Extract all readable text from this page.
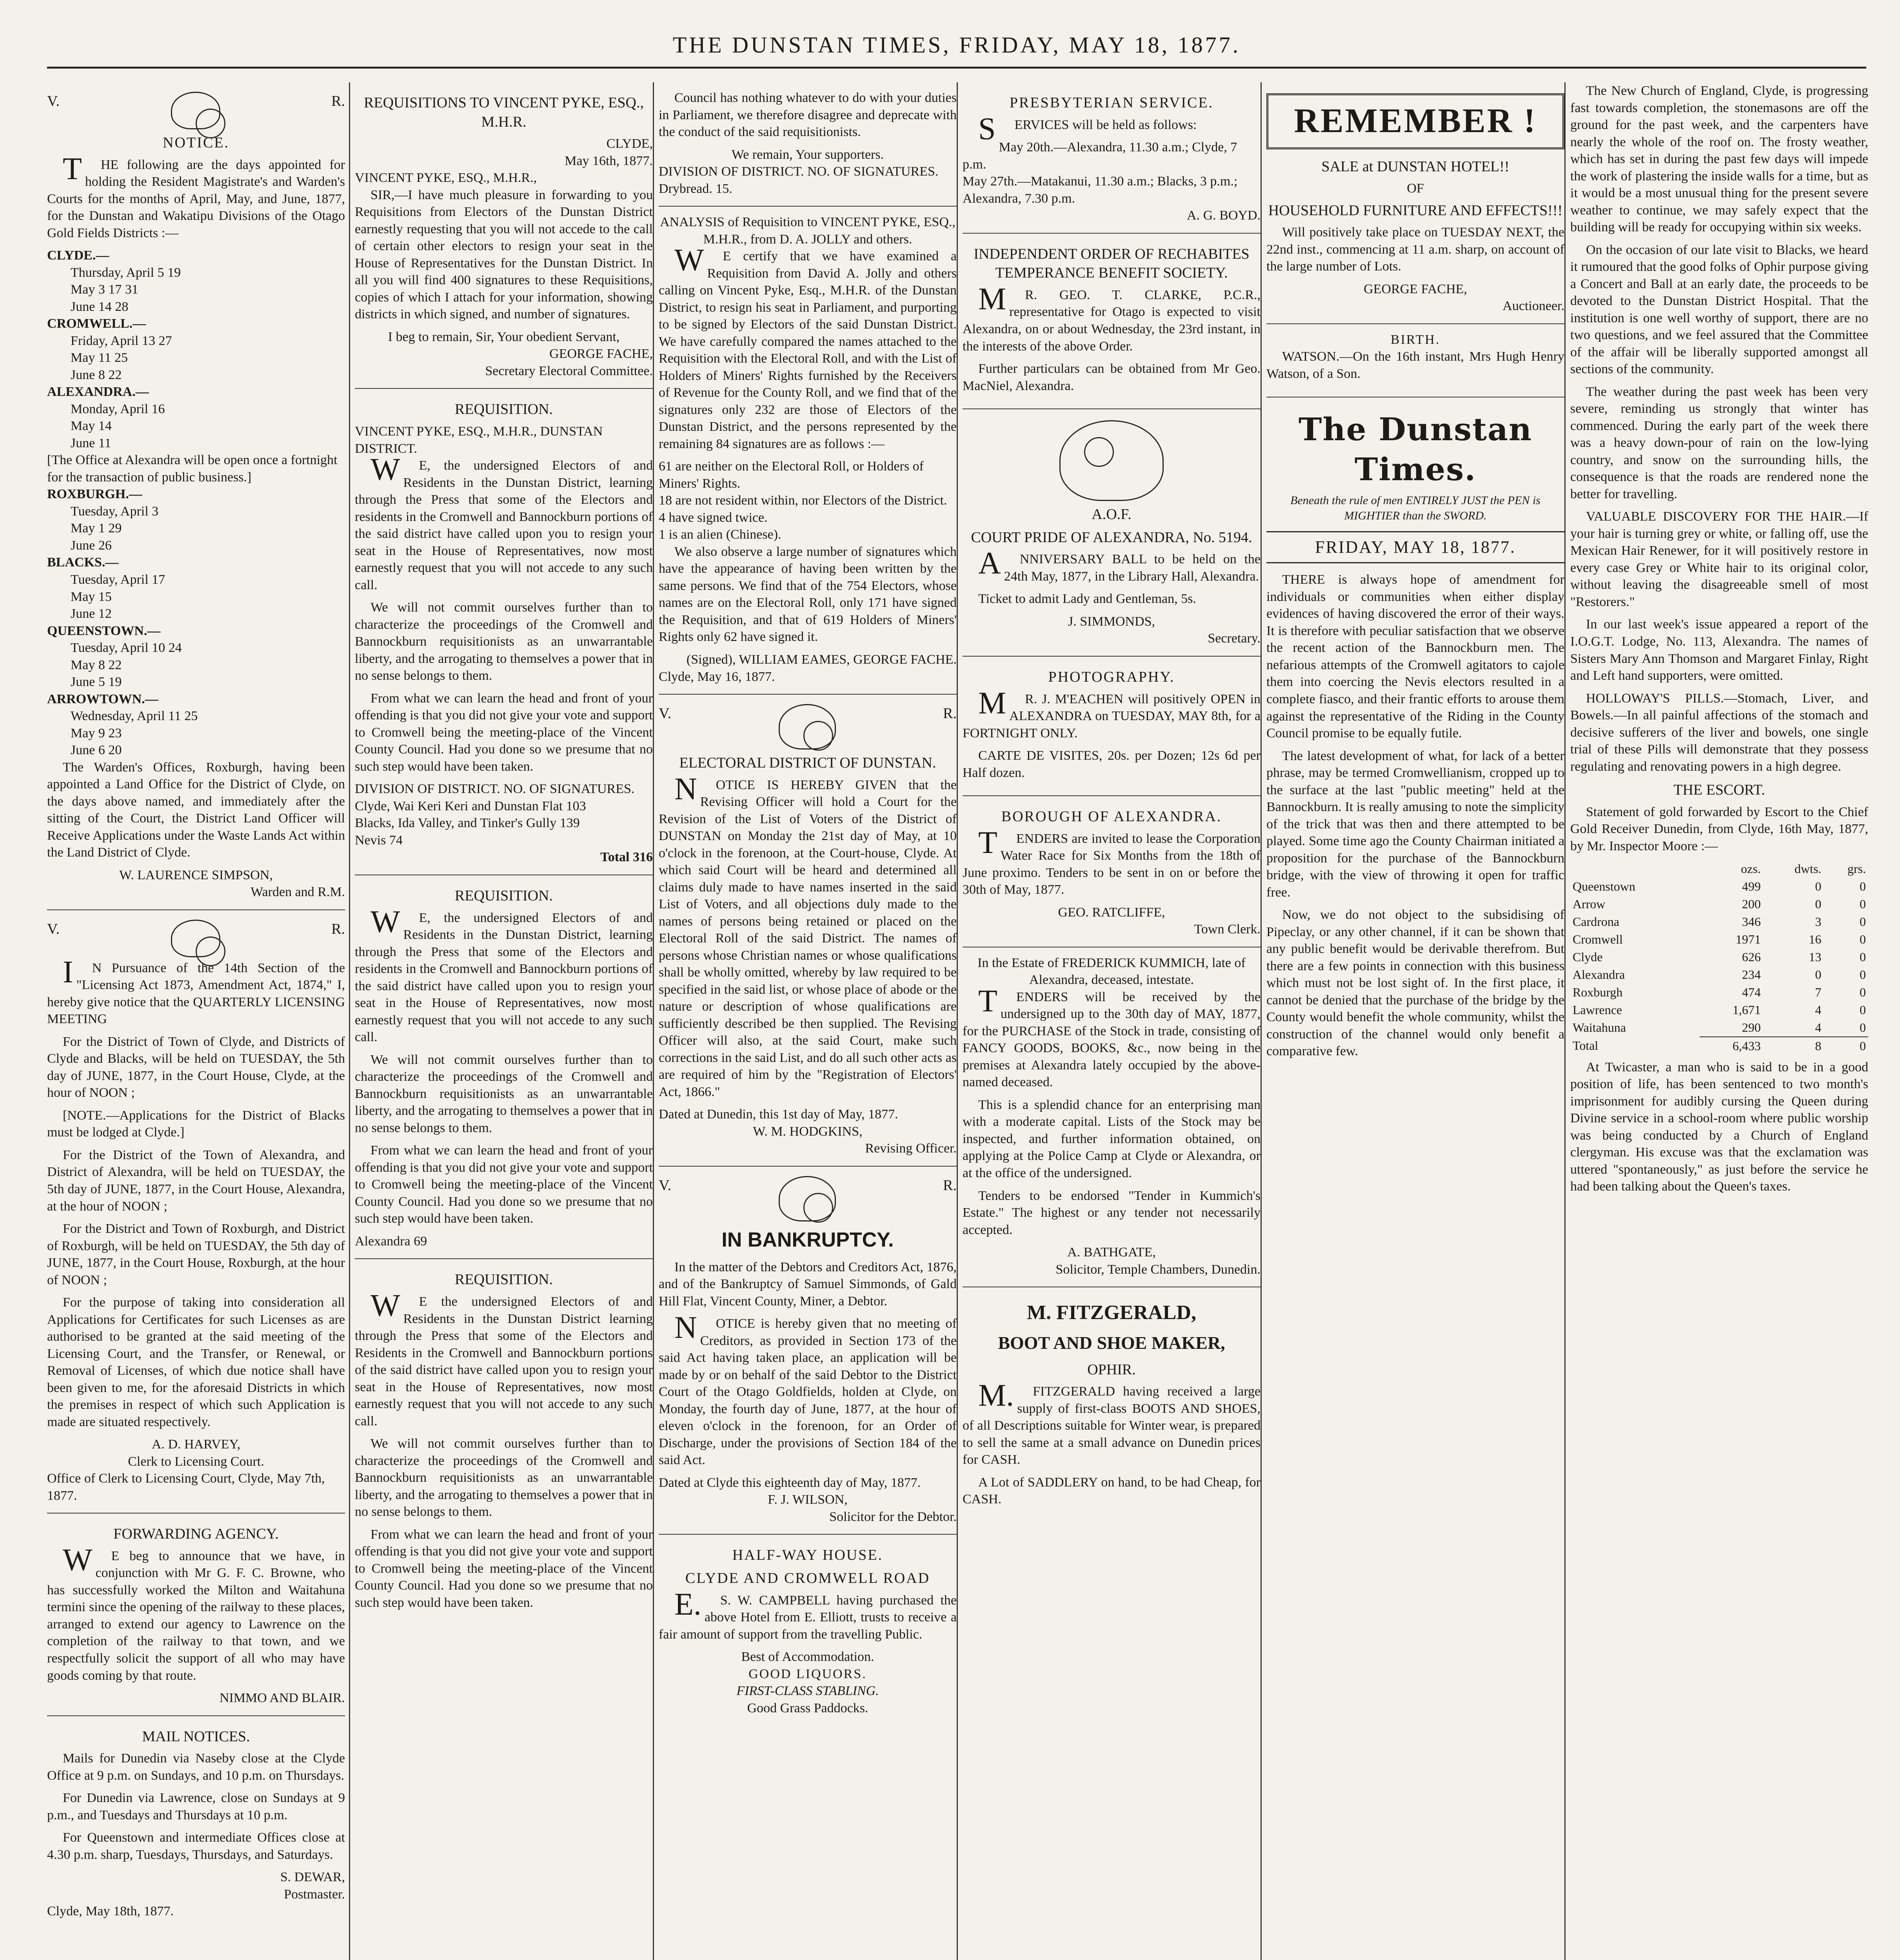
THE DUNSTAN TIMES, FRIDAY, MAY 18, 1877.
V.	R.
NOTICE.

THE following are the days appointed for holding the Resident Magistrate's and Warden's Courts for the months of April, May, and June, 1877, for the Dunstan and Wakatipu Divisions of the Otago Gold Fields Districts :—

CLYDE.—
Thursday, April 5 19
May 3 17 31
June 14 28
CROMWELL.—
Friday, April 13 27
May 11 25
June 8 22
ALEXANDRA.—
Monday, April 16
May 14
June 11
[The Office at Alexandra will be open once a fortnight for the transaction of public business.]
ROXBURGH.—
Tuesday, April 3
May 1 29
June 26
BLACKS.—
Tuesday, April 17
May 15
June 12
QUEENSTOWN.—
Tuesday, April 10 24
May 8 22
June 5 19
ARROWTOWN.—
Wednesday, April 11 25
May 9 23
June 6 20

The Warden's Offices, Roxburgh, having been appointed a Land Office for the District of Clyde, on the days above named, and immediately after the sitting of the Court, the District Land Officer will Receive Applications under the Waste Lands Act within the Land District of Clyde.

W. LAURENCE SIMPSON,
Warden and R.M.
V.	R.

IN Pursuance of the 14th Section of the "Licensing Act 1873, Amendment Act, 1874," I, hereby give notice that the QUARTERLY LICENSING MEETING

For the District of Town of Clyde, and Districts of Clyde and Blacks, will be held on TUESDAY, the 5th day of JUNE, 1877, in the Court House, Clyde, at the hour of NOON ;

[NOTE.—Applications for the District of Blacks must be lodged at Clyde.]

For the District of the Town of Alexandra, and District of Alexandra, will be held on TUESDAY, the 5th day of JUNE, 1877, in the Court House, Alexandra, at the hour of NOON ;

For the District and Town of Roxburgh, and District of Roxburgh, will be held on TUESDAY, the 5th day of JUNE, 1877, in the Court House, Roxburgh, at the hour of NOON ;

For the purpose of taking into consideration all Applications for Certificates for such Licenses as are authorised to be granted at the said meeting of the Licensing Court, and the Transfer, or Renewal, or Removal of Licenses, of which due notice shall have been given to me, for the aforesaid Districts in which the premises in respect of which such Application is made are situated respectively.

A. D. HARVEY,
Clerk to Licensing Court.
Office of Clerk to Licensing Court, Clyde, May 7th, 1877.
FORWARDING AGENCY.

WE beg to announce that we have, in conjunction with Mr G. F. C. Browne, who has successfully worked the Milton and Waitahuna termini since the opening of the railway to these places, arranged to extend our agency to Lawrence on the completion of the railway to that town, and we respectfully solicit the support of all who may have goods coming by that route.

NIMMO AND BLAIR.
MAIL NOTICES.

Mails for Dunedin via Naseby close at the Clyde Office at 9 p.m. on Sundays, and 10 p.m. on Thursdays.

For Dunedin via Lawrence, close on Sundays at 9 p.m., and Tuesdays and Thursdays at 10 p.m.

For Queenstown and intermediate Offices close at 4.30 p.m. sharp, Tuesdays, Thursdays, and Saturdays.

S. DEWAR,
Postmaster.
Clyde, May 18th, 1877.
REQUISITIONS TO VINCENT PYKE, ESQ., M.H.R.
CLYDE,
May 16th, 1877.
VINCENT PYKE, ESQ., M.H.R.,

SIR,—I have much pleasure in forwarding to you Requisitions from Electors of the Dunstan District earnestly requesting that you will not accede to the call of certain other electors to resign your seat in the House of Representatives for the Dunstan District. In all you will find 400 signatures to these Requisitions, copies of which I attach for your information, showing districts in which signed, and number of signatures.

I beg to remain, Sir, Your obedient Servant,
GEORGE FACHE,
Secretary Electoral Committee.
REQUISITION.
VINCENT PYKE, ESQ., M.H.R., DUNSTAN DISTRICT.

WE, the undersigned Electors of and Residents in the Dunstan District, learning through the Press that some of the Electors and residents in the Cromwell and Bannockburn portions of the said district have called upon you to resign your seat in the House of Representatives, now most earnestly request that you will not accede to any such call.

We will not commit ourselves further than to characterize the proceedings of the Cromwell and Bannockburn requisitionists as an unwarrantable liberty, and the arrogating to themselves a power that in no sense belongs to them.

From what we can learn the head and front of your offending is that you did not give your vote and support to Cromwell being the meeting-place of the Vincent County Council. Had you done so we presume that no such step would have been taken.

DIVISION OF DISTRICT. NO. OF SIGNATURES.
Clyde, Wai Keri Keri and Dunstan Flat 103
Blacks, Ida Valley, and Tinker's Gully 139
Nevis 74
Total 316
REQUISITION.

WE, the undersigned Electors of and Residents in the Dunstan District, learning through the Press that some of the Electors and residents in the Cromwell and Bannockburn portions of the said district have called upon you to resign your seat in the House of Representatives, now most earnestly request that you will not accede to any such call.

We will not commit ourselves further than to characterize the proceedings of the Cromwell and Bannockburn requisitionists as an unwarrantable liberty, and the arrogating to themselves a power that in no sense belongs to them.

From what we can learn the head and front of your offending is that you did not give your vote and support to Cromwell being the meeting-place of the Vincent County Council. Had you done so we presume that no such step would have been taken.

Alexandra 69
REQUISITION.

WE the undersigned Electors of and Residents in the Dunstan District learning through the Press that some of the Electors and Residents in the Cromwell and Bannockburn portions of the said district have called upon you to resign your seat in the House of Representatives, now most earnestly request that you will not accede to any such call.

We will not commit ourselves further than to characterize the proceedings of the Cromwell and Bannockburn requisitionists as an unwarrantable liberty, and the arrogating to themselves a power that in no sense belongs to them.

From what we can learn the head and front of your offending is that you did not give your vote and support to Cromwell being the meeting-place of the Vincent County Council. Had you done so we presume that no such step would have been taken.

Council has nothing whatever to do with your duties in Parliament, we therefore disagree and deprecate with the conduct of the said requisitionists.

We remain, Your supporters.
DIVISION OF DISTRICT. NO. OF SIGNATURES.
Drybread. 15.
ANALYSIS of Requisition to VINCENT PYKE, ESQ., M.H.R., from D. A. JOLLY and others.

WE certify that we have examined a Requisition from David A. Jolly and others calling on Vincent Pyke, Esq., M.H.R. of the Dunstan District, to resign his seat in Parliament, and purporting to be signed by Electors of the said Dunstan District. We have carefully compared the names attached to the Requisition with the Electoral Roll, and with the List of Holders of Miners' Rights furnished by the Receivers of Revenue for the County Roll, and we find that of the signatures only 232 are those of Electors of the Dunstan District, and the persons represented by the remaining 84 signatures are as follows :—

61 are neither on the Electoral Roll, or Holders of Miners' Rights.
18 are not resident within, nor Electors of the District.
4 have signed twice.
1 is an alien (Chinese).

We also observe a large number of signatures which have the appearance of having been written by the same persons. We find that of the 754 Electors, whose names are on the Electoral Roll, only 171 have signed the Requisition, and that of 619 Holders of Miners' Rights only 62 have signed it.

(Signed), WILLIAM EAMES, GEORGE FACHE.
Clyde, May 16, 1877.
V.	R.
ELECTORAL DISTRICT OF DUNSTAN.

NOTICE IS HEREBY GIVEN that the Revising Officer will hold a Court for the Revision of the List of Voters of the District of DUNSTAN on Monday the 21st day of May, at 10 o'clock in the forenoon, at the Court-house, Clyde. At which said Court will be heard and determined all claims duly made to have names inserted in the said List of Voters, and all objections duly made to the names of persons being retained or placed on the Electoral Roll of the said District. The names of persons whose Christian names or whose qualifications shall be wholly omitted, whereby by law required to be specified in the said list, or whose place of abode or the nature or description of whose qualifications are sufficiently described be then supplied. The Revising Officer will also, at the said Court, make such corrections in the said List, and do all such other acts as are required of him by the "Registration of Electors' Act, 1866."

Dated at Dunedin, this 1st day of May, 1877.
W. M. HODGKINS,
Revising Officer.
V.	R.
IN BANKRUPTCY.

In the matter of the Debtors and Creditors Act, 1876, and of the Bankruptcy of Samuel Simmonds, of Gald Hill Flat, Vincent County, Miner, a Debtor.

NOTICE is hereby given that no meeting of Creditors, as provided in Section 173 of the said Act having taken place, an application will be made by or on behalf of the said Debtor to the District Court of the Otago Goldfields, holden at Clyde, on Monday, the fourth day of June, 1877, at the hour of eleven o'clock in the forenoon, for an Order of Discharge, under the provisions of Section 184 of the said Act.

Dated at Clyde this eighteenth day of May, 1877.
F. J. WILSON,
Solicitor for the Debtor.
HALF-WAY HOUSE.
CLYDE AND CROMWELL ROAD

E.S. W. CAMPBELL having purchased the above Hotel from E. Elliott, trusts to receive a fair amount of support from the travelling Public.

Best of Accommodation.
GOOD LIQUORS.
FIRST-CLASS STABLING.
Good Grass Paddocks.
PRESBYTERIAN SERVICE.

SERVICES will be held as follows:

May 20th.—Alexandra, 11.30 a.m.; Clyde, 7 p.m.
May 27th.—Matakanui, 11.30 a.m.; Blacks, 3 p.m.; Alexandra, 7.30 p.m.
A. G. BOYD.
INDEPENDENT ORDER OF RECHABITES TEMPERANCE BENEFIT SOCIETY.

MR. GEO. T. CLARKE, P.C.R., representative for Otago is expected to visit Alexandra, on or about Wednesday, the 23rd instant, in the interests of the above Order.

Further particulars can be obtained from Mr Geo. MacNiel, Alexandra.

A.O.F.
COURT PRIDE OF ALEXANDRA, No. 5194.

ANNIVERSARY BALL to be held on the 24th May, 1877, in the Library Hall, Alexandra.

Ticket to admit Lady and Gentleman, 5s.

J. SIMMONDS,
Secretary.
PHOTOGRAPHY.

MR. J. M'EACHEN will positively OPEN in ALEXANDRA on TUESDAY, MAY 8th, for a FORTNIGHT ONLY.

CARTE DE VISITES, 20s. per Dozen; 12s 6d per Half dozen.

BOROUGH OF ALEXANDRA.

TENDERS are invited to lease the Corporation Water Race for Six Months from the 18th of June proximo. Tenders to be sent in on or before the 30th of May, 1877.

GEO. RATCLIFFE,
Town Clerk.
In the Estate of FREDERICK KUMMICH, late of Alexandra, deceased, intestate.

TENDERS will be received by the undersigned up to the 30th day of MAY, 1877, for the PURCHASE of the Stock in trade, consisting of FANCY GOODS, BOOKS, &c., now being in the premises at Alexandra lately occupied by the above-named deceased.

This is a splendid chance for an enterprising man with a moderate capital. Lists of the Stock may be inspected, and further information obtained, on applying at the Police Camp at Clyde or Alexandra, or at the office of the undersigned.

Tenders to be endorsed "Tender in Kummich's Estate." The highest or any tender not necessarily accepted.

A. BATHGATE,
Solicitor, Temple Chambers, Dunedin.
M. FITZGERALD,
BOOT AND SHOE MAKER,
OPHIR.

M.FITZGERALD having received a large supply of first-class BOOTS AND SHOES, of all Descriptions suitable for Winter wear, is prepared to sell the same at a small advance on Dunedin prices for CASH.

A Lot of SADDLERY on hand, to be had Cheap, for CASH.

REMEMBER !
SALE at DUNSTAN HOTEL!!
OF
HOUSEHOLD FURNITURE AND EFFECTS!!!

Will positively take place on TUESDAY NEXT, the 22nd inst., commencing at 11 a.m. sharp, on account of the large number of Lots.

GEORGE FACHE,
Auctioneer.
BIRTH.

WATSON.—On the 16th instant, Mrs Hugh Henry Watson, of a Son.

The Dunstan Times.
Beneath the rule of men ENTIRELY JUST the PEN is MIGHTIER than the SWORD.
FRIDAY, MAY 18, 1877.

THERE is always hope of amendment for individuals or communities when either display evidences of having discovered the error of their ways. It is therefore with peculiar satisfaction that we observe the recent action of the Bannockburn men. The nefarious attempts of the Cromwell agitators to cajole them into coercing the Nevis electors resulted in a complete fiasco, and their frantic efforts to arouse them against the representative of the Riding in the County Council promise to be equally futile.

The latest development of what, for lack of a better phrase, may be termed Cromwellianism, cropped up to the surface at the last "public meeting" held at the Bannockburn. It is really amusing to note the simplicity of the trick that was then and there attempted to be played. Some time ago the County Chairman initiated a proposition for the purchase of the Bannockburn bridge, with the view of throwing it open for traffic free.

Now, we do not object to the subsidising of Pipeclay, or any other channel, if it can be shown that any public benefit would be derivable therefrom. But there are a few points in connection with this business which must not be lost sight of. In the first place, it cannot be denied that the purchase of the bridge by the County would benefit the whole community, whilst the construction of the channel would only benefit a comparative few.

The New Church of England, Clyde, is progressing fast towards completion, the stonemasons are off the ground for the past week, and the carpenters have nearly the whole of the roof on. The frosty weather, which has set in during the past few days will impede the work of plastering the inside walls for a time, but as it would be a most unusual thing for the present severe weather to continue, we may safely expect that the building will be ready for occupying within six weeks.

On the occasion of our late visit to Blacks, we heard it rumoured that the good folks of Ophir purpose giving a Concert and Ball at an early date, the proceeds to be devoted to the Dunstan District Hospital. That the institution is one well worthy of support, there are no two questions, and we feel assured that the Committee of the affair will be liberally supported amongst all sections of the community.

The weather during the past week has been very severe, reminding us strongly that winter has commenced. During the early part of the week there was a heavy down-pour of rain on the low-lying country, and snow on the surrounding hills, the consequence is that the roads are rendered none the better for travelling.

VALUABLE DISCOVERY FOR THE HAIR.—If your hair is turning grey or white, or falling off, use the Mexican Hair Renewer, for it will positively restore in every case Grey or White hair to its original color, without leaving the disagreeable smell of most "Restorers."

In our last week's issue appeared a report of the I.O.G.T. Lodge, No. 113, Alexandra. The names of Sisters Mary Ann Thomson and Margaret Finlay, Right and Left hand supporters, were omitted.

HOLLOWAY'S PILLS.—Stomach, Liver, and Bowels.—In all painful affections of the stomach and decisive sufferers of the liver and bowels, one single trial of these Pills will demonstrate that they possess regulating and renovating powers in a high degree.

THE ESCORT.

Statement of gold forwarded by Escort to the Chief Gold Receiver Dunedin, from Clyde, 16th May, 1877, by Mr. Inspector Moore :—

	ozs.	dwts.	grs.
Queenstown	499	0	0
Arrow	200	0	0
Cardrona	346	3	0
Cromwell	1971	16	0
Clyde	626	13	0
Alexandra	234	0	0
Roxburgh	474	7	0
Lawrence	1,671	4	0
Waitahuna	290	4	0
Total	6,433	8	0

At Twicaster, a man who is said to be in a good position of life, has been sentenced to two month's imprisonment for audibly cursing the Queen during Divine service in a school-room where public worship was being conducted by a Church of England clergyman. His excuse was that the exclamation was uttered "spontaneously," as just before the service he had been talking about the Queen's taxes.
